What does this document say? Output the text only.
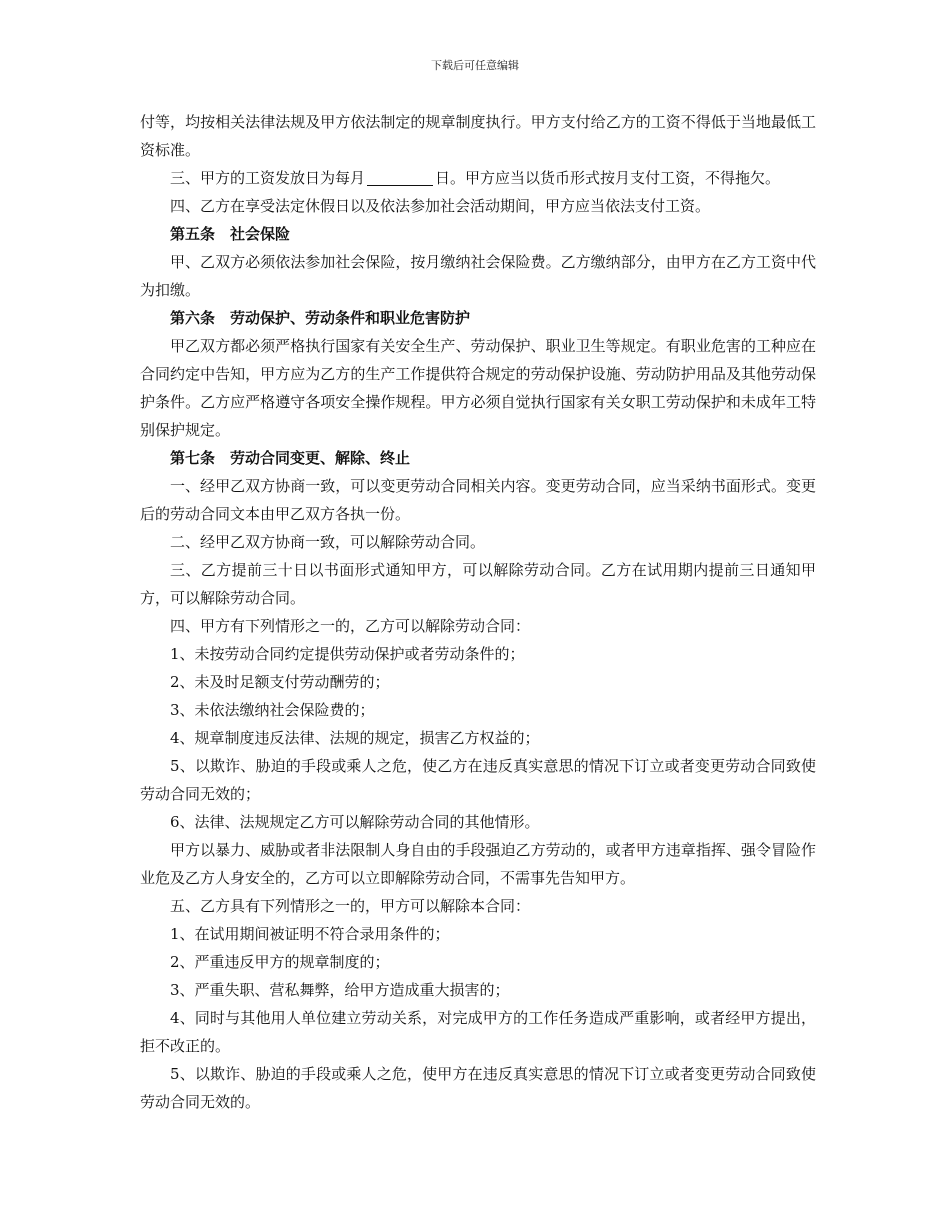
下载后可任意编辑

付等，均按相关法律法规及甲方依法制定的规章制度执行。甲方支付给乙方的工资不得低于当地最低工资标准。

三、甲方的工资发放日为每月	日。甲方应当以货币形式按月支付工资，不得拖欠。

四、乙方在享受法定休假日以及依法参加社会活动期间，甲方应当依法支付工资。

第五条　社会保险

甲、乙双方必须依法参加社会保险，按月缴纳社会保险费。乙方缴纳部分，由甲方在乙方工资中代为扣缴。

第六条　劳动保护、劳动条件和职业危害防护

甲乙双方都必须严格执行国家有关安全生产、劳动保护、职业卫生等规定。有职业危害的工种应在合同约定中告知，甲方应为乙方的生产工作提供符合规定的劳动保护设施、劳动防护用品及其他劳动保护条件。乙方应严格遵守各项安全操作规程。甲方必须自觉执行国家有关女职工劳动保护和未成年工特别保护规定。

第七条　劳动合同变更、解除、终止

一、经甲乙双方协商一致，可以变更劳动合同相关内容。变更劳动合同，应当采纳书面形式。变更后的劳动合同文本由甲乙双方各执一份。

二、经甲乙双方协商一致，可以解除劳动合同。

三、乙方提前三十日以书面形式通知甲方，可以解除劳动合同。乙方在试用期内提前三日通知甲方，可以解除劳动合同。

四、甲方有下列情形之一的，乙方可以解除劳动合同：

1、未按劳动合同约定提供劳动保护或者劳动条件的；

2、未及时足额支付劳动酬劳的；

3、未依法缴纳社会保险费的；

4、规章制度违反法律、法规的规定，损害乙方权益的；

5、以欺诈、胁迫的手段或乘人之危，使乙方在违反真实意思的情况下订立或者变更劳动合同致使劳动合同无效的；

6、法律、法规规定乙方可以解除劳动合同的其他情形。

甲方以暴力、威胁或者非法限制人身自由的手段强迫乙方劳动的，或者甲方违章指挥、强令冒险作业危及乙方人身安全的，乙方可以立即解除劳动合同，不需事先告知甲方。

五、乙方具有下列情形之一的，甲方可以解除本合同：

1、在试用期间被证明不符合录用条件的；

2、严重违反甲方的规章制度的；

3、严重失职、营私舞弊，给甲方造成重大损害的；

4、同时与其他用人单位建立劳动关系，对完成甲方的工作任务造成严重影响，或者经甲方提出，拒不改正的。

5、以欺诈、胁迫的手段或乘人之危，使甲方在违反真实意思的情况下订立或者变更劳动合同致使劳动合同无效的。
